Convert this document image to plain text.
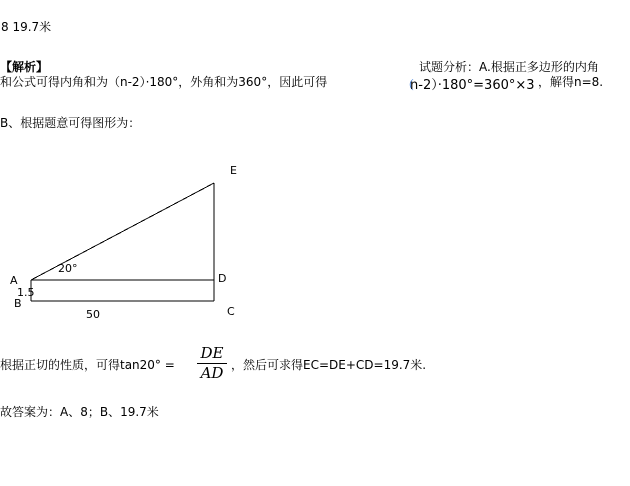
8 19.7米
【解析】	试题分析：A.根据正多边形的内角
和公式可得内角和为（n-2）·180°，外角和为360°，因此可得	（n-2）·180°=360°×3 ，解得n=8.
B、根据题意可得图形为：
E
A
20°
D
1.5
B
50	C
根据正切的性质，可得tan20° =
DE
AD ，然后可求得EC=DE+CD=19.7米.
故答案为：A、8；B、19.7米
